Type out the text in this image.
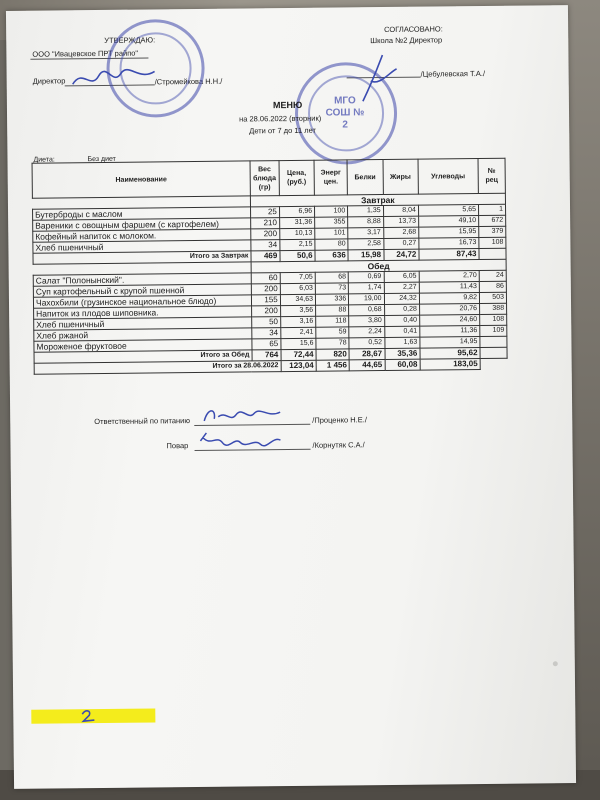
УТВЕРЖДАЮ:
ООО "Ивацевское ПРТ райпо"
Директор	/Стромейкова Н.Н./
СОГЛАСОВАНО:
Школа №2 Директор
/Цебулевская Т.А./
МГО СОШ № 2
МЕНЮ
на 28.06.2022 (вторник)
Дети от 7 до 11 лет
Диета:	Без диет
Наименование	Вес блюда (гр)	Цена, (руб.)	Энерг цен.	Белки	Жиры	Углеводы	№ рец
	Завтрак						
Бутерброды с маслом	25	6,96	100	1,35	8,04	5,65	1
Вареники с овощным фаршем (с картофелем)	210	31,36	355	8,88	13,73	49,10	672
Кофейный напиток с молоком.	200	10,13	101	3,17	2,68	15,95	379
Хлеб пшеничный	34	2,15	80	2,58	0,27	16,73	108
Итого за Завтрак	469	50,6	636	15,98	24,72	87,43	
	Обед						
Салат "Полонынский".	60	7,05	68	0,69	6,05	2,70	24
Суп картофельный с крупой пшенной	200	6,03	73	1,74	2,27	11,43	86
Чахохбили (грузинское национальное блюдо)	155	34,63	336	19,00	24,32	9,82	503
Напиток из плодов шиповника.	200	3,56	88	0,68	0,28	20,76	388
Хлеб пшеничный	50	3,16	118	3,80	0,40	24,60	108
Хлеб ржаной	34	2,41	59	2,24	0,41	11,36	109
Мороженое фруктовое	65	15,6	78	0,52	1,63	14,95	
Итого за Обед	764	72,44	820	28,67	35,36	95,62	
Итого за 28.06.2022		123,04	1 456	44,65	60,08	183,05	
Ответственный по питанию	/Проценко Н.Е./
Повар	/Корнутяк С.А./
